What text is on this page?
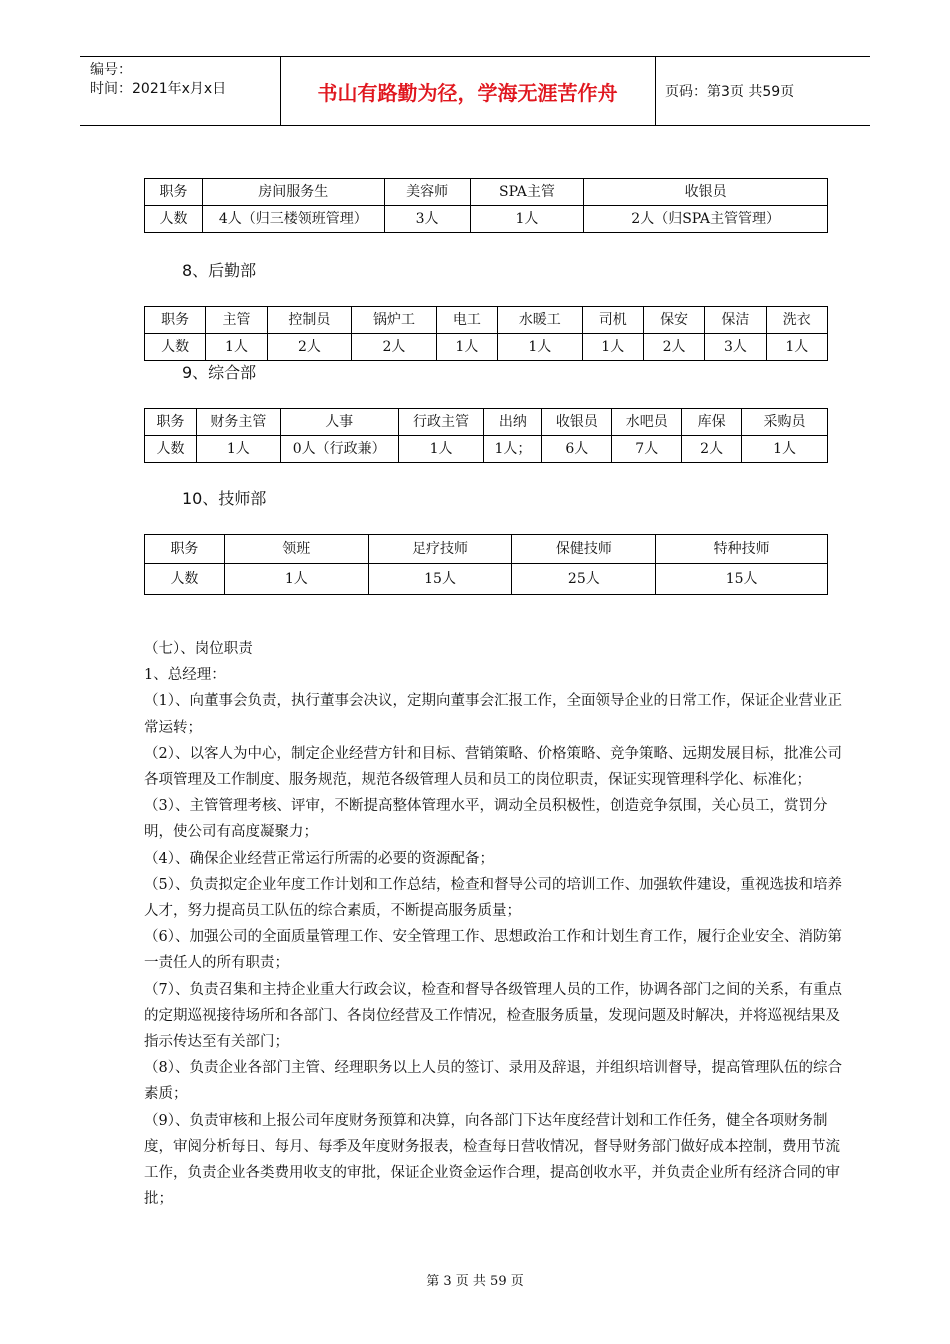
编号：
时间：2021年x月x日	书山有路勤为径，学海无涯苦作舟	页码：第3页 共59页
职务	房间服务生	美容师	SPA主管	收银员
人数	4人（归三楼领班管理）	3人	1人	2人（归SPA主管管理）
8、后勤部
职务	主管	控制员	锅炉工	电工	水暖工	司机	保安	保洁	洗衣
人数	1人	2人	2人	1人	1人	1人	2人	3人	1人
9、综合部
职务	财务主管	人事	行政主管	出纳	收银员	水吧员	库保	采购员
人数	1人	0人（行政兼）	1人	1人；	6人	7人	2人	1人
10、技师部
职务	领班	足疗技师	保健技师	特种技师
人数	1人	15人	25人	15人

（七）、岗位职责

1、总经理：

（1）、向董事会负责，执行董事会决议，定期向董事会汇报工作，全面领导企业的日常工作，保证企业营业正常运转；

（2）、以客人为中心，制定企业经营方针和目标、营销策略、价格策略、竞争策略、远期发展目标，批准公司各项管理及工作制度、服务规范，规范各级管理人员和员工的岗位职责，保证实现管理科学化、标准化；

（3）、主管管理考核、评审，不断提高整体管理水平，调动全员积极性，创造竞争氛围，关心员工，赏罚分明，使公司有高度凝聚力；

（4）、确保企业经营正常运行所需的必要的资源配备；

（5）、负责拟定企业年度工作计划和工作总结，检查和督导公司的培训工作、加强软件建设，重视选拔和培养人才，努力提高员工队伍的综合素质，不断提高服务质量；

（6）、加强公司的全面质量管理工作、安全管理工作、思想政治工作和计划生育工作，履行企业安全、消防第一责任人的所有职责；

（7）、负责召集和主持企业重大行政会议，检查和督导各级管理人员的工作，协调各部门之间的关系，有重点的定期巡视接待场所和各部门、各岗位经营及工作情况，检查服务质量，发现问题及时解决，并将巡视结果及指示传达至有关部门；

（8）、负责企业各部门主管、经理职务以上人员的签订、录用及辞退，并组织培训督导，提高管理队伍的综合素质；

（9）、负责审核和上报公司年度财务预算和决算，向各部门下达年度经营计划和工作任务，健全各项财务制度，审阅分析每日、每月、每季及年度财务报表，检查每日营收情况，督导财务部门做好成本控制，费用节流工作，负责企业各类费用收支的审批，保证企业资金运作合理，提高创收水平，并负责企业所有经济合同的审批；

第 3 页 共 59 页
